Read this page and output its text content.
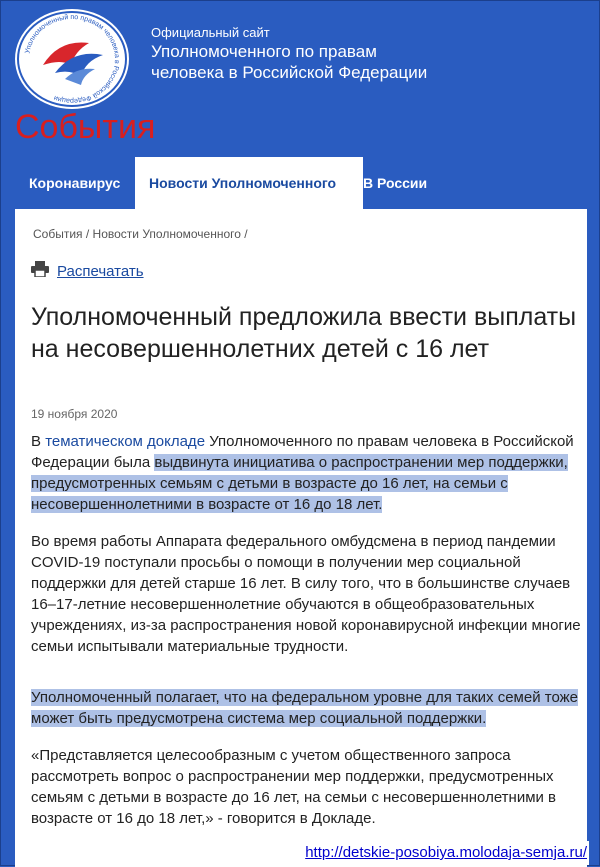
Уполномоченный по правам человека в Российской Федерации
Официальный сайт
Уполномоченного по правам
человека в Российской Федерации
События
Коронавирус	Новости Уполномоченного	В России
События / Новости Уполномоченного /
Распечатать
Уполномоченный предложила ввести выплаты на несовершеннолетних детей с 16 лет
19 ноября 2020
В тематическом докладе Уполномоченного по правам человека в Российской Федерации была выдвинута инициатива о распространении мер поддержки, предусмотренных семьям с детьми в возрасте до 16 лет, на семьи с несовершеннолетними в возрасте от 16 до 18 лет.
Во время работы Аппарата федерального омбудсмена в период пандемии COVID-19 поступали просьбы о помощи в получении мер социальной поддержки для детей старше 16 лет. В силу того, что в большинстве случаев 16–17-летние несовершеннолетние обучаются в общеобразовательных учреждениях, из-за распространения новой коронавирусной инфекции многие семьи испытывали материальные трудности.
Уполномоченный полагает, что на федеральном уровне для таких семей тоже может быть предусмотрена система мер социальной поддержки.
«Представляется целесообразным с учетом общественного запроса рассмотреть вопрос о распространении мер поддержки, предусмотренных семьям с детьми в возрасте до 16 лет, на семьи с несовершеннолетними в возрасте от 16 до 18 лет,» - говорится в Докладе.
http://detskie-posobiya.molodaja-semja.ru/
